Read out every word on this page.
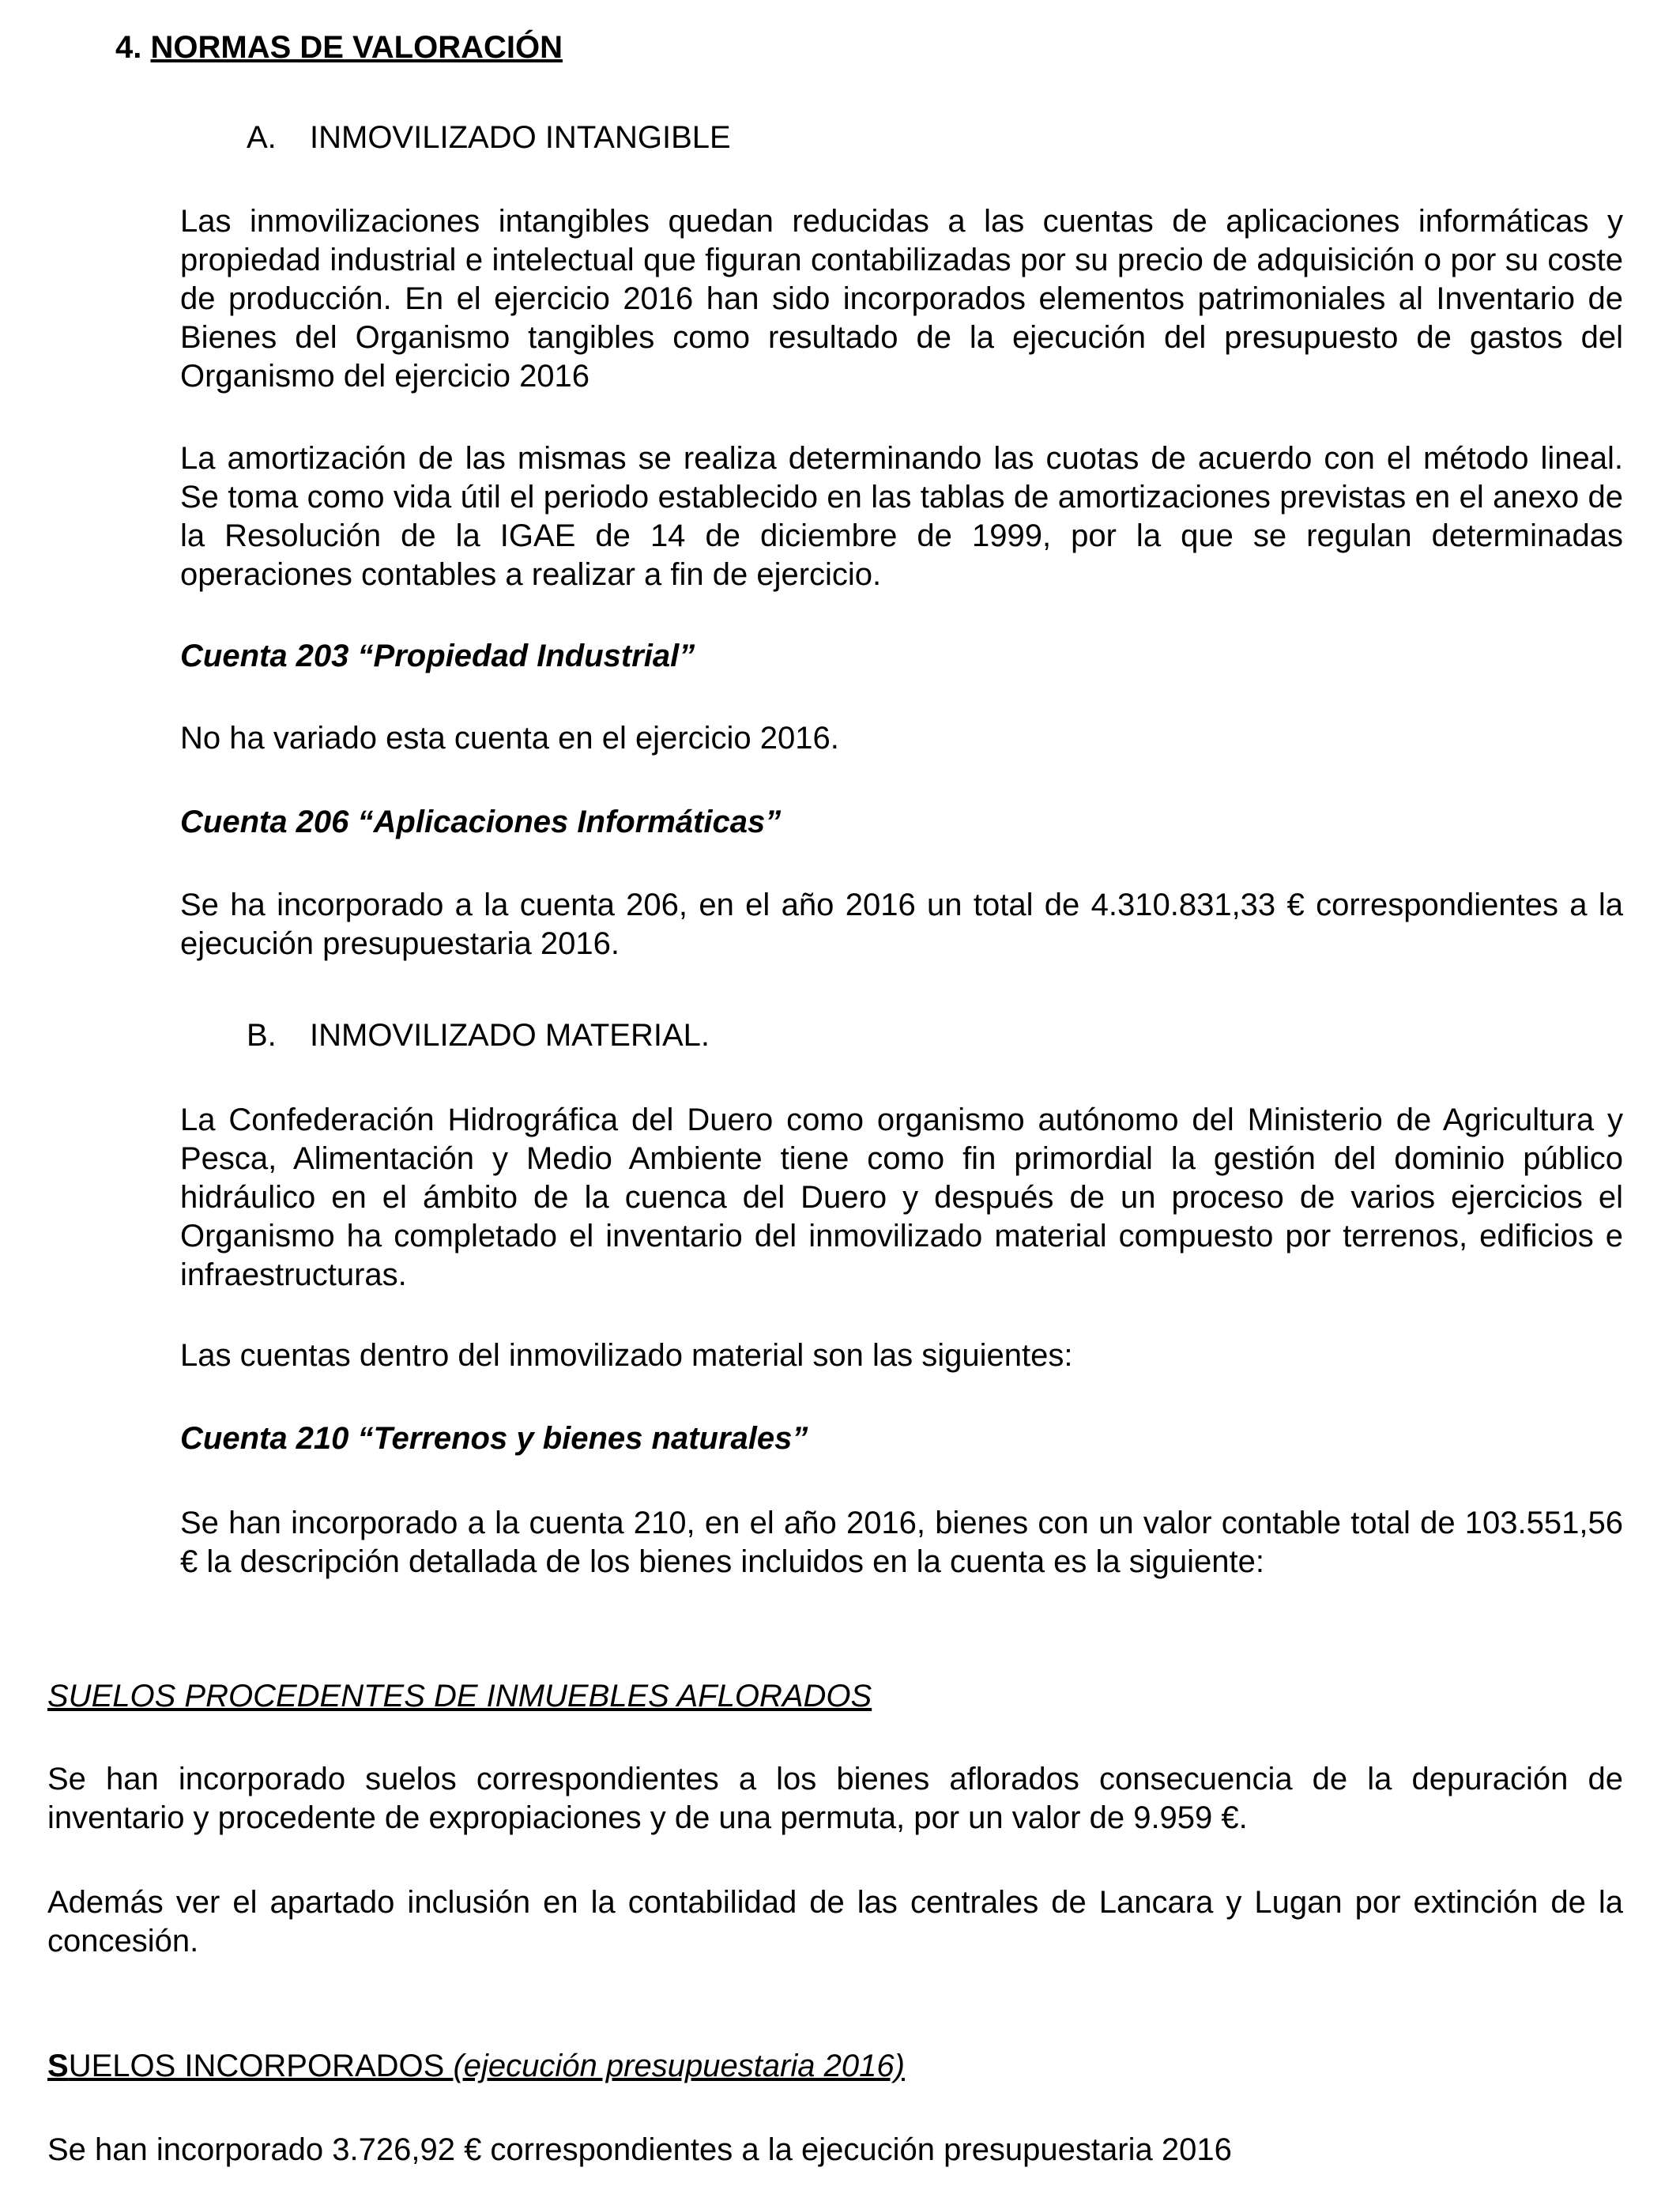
4. NORMAS DE VALORACIÓN
A. INMOVILIZADO INTANGIBLE

Las inmovilizaciones intangibles quedan reducidas a las cuentas de aplicaciones informáticas y propiedad industrial e intelectual que figuran contabilizadas por su precio de adquisición o por su coste de producción. En el ejercicio 2016 han sido incorporados elementos patrimoniales al Inventario de Bienes del Organismo tangibles como resultado de la ejecución del presupuesto de gastos del Organismo del ejercicio 2016

La amortización de las mismas se realiza determinando las cuotas de acuerdo con el método lineal. Se toma como vida útil el periodo establecido en las tablas de amortizaciones previstas en el anexo de la Resolución de la IGAE de 14 de diciembre de 1999, por la que se regulan determinadas operaciones contables a realizar a fin de ejercicio.

Cuenta 203 “Propiedad Industrial”

No ha variado esta cuenta en el ejercicio 2016.

Cuenta 206 “Aplicaciones Informáticas”

Se ha incorporado a la cuenta 206, en el año 2016 un total de 4.310.831,33 € correspondientes a la ejecución presupuestaria 2016.

B. INMOVILIZADO MATERIAL.

La Confederación Hidrográfica del Duero como organismo autónomo del Ministerio de Agricultura y Pesca, Alimentación y Medio Ambiente tiene como fin primordial la gestión del dominio público hidráulico en el ámbito de la cuenca del Duero y después de un proceso de varios ejercicios el Organismo ha completado el inventario del inmovilizado material compuesto por terrenos, edificios e infraestructuras.

Las cuentas dentro del inmovilizado material son las siguientes:

Cuenta 210 “Terrenos y bienes naturales”

Se han incorporado a la cuenta 210, en el año 2016, bienes con un valor contable total de 103.551,56 € la descripción detallada de los bienes incluidos en la cuenta es la siguiente:

SUELOS PROCEDENTES DE INMUEBLES AFLORADOS

Se han incorporado suelos correspondientes a los bienes aflorados consecuencia de la depuración de inventario y procedente de expropiaciones y de una permuta, por un valor de 9.959 €.

Además ver el apartado inclusión en la contabilidad de las centrales de Lancara y Lugan por extinción de la concesión.

SUELOS INCORPORADOS (ejecución presupuestaria 2016)

Se han incorporado 3.726,92 € correspondientes a la ejecución presupuestaria 2016
